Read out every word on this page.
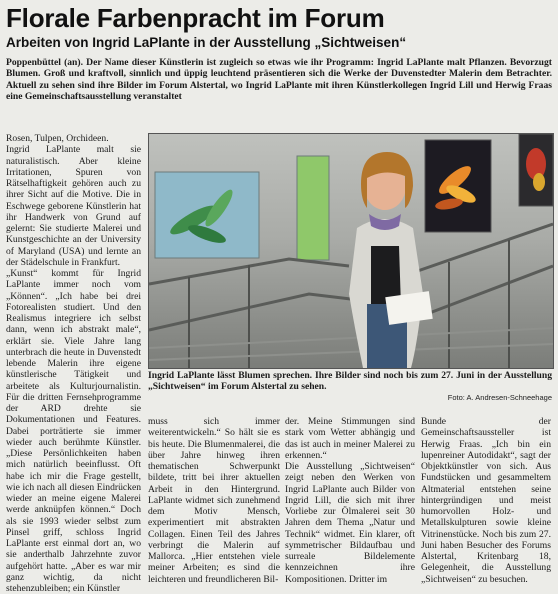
Florale Farbenpracht im Forum
Arbeiten von Ingrid LaPlante in der Ausstellung „Sichtweisen“

Poppenbüttel (an). Der Name dieser Künstlerin ist zugleich so etwas wie ihr Programm: Ingrid LaPlante malt Pflanzen. Bevorzugt Blumen. Groß und kraftvoll, sinnlich und üppig leuchtend präsentieren sich die Werke der Duvenstedter Malerin dem Betrachter. Aktuell zu sehen sind ihre Bilder im Forum Alstertal, wo Ingrid LaPlante mit ihren Künstlerkollegen Ingrid Lill und Herwig Fraas eine Gemeinschaftsausstellung veranstaltet

Rosen, Tulpen, Orchideen.
Ingrid LaPlante malt sie naturalistisch. Aber kleine Irritationen, Spuren von Rätselhaftigkeit gehören auch zu ihrer Sicht auf die Motive. Die in Eschwege geborene Künstlerin hat ihr Handwerk von Grund auf gelernt: Sie studierte Malerei und Kunstgeschichte an der University of Maryland (USA) und lernte an der Städelschule in Frankfurt.
„Kunst“ kommt für Ingrid LaPlante immer noch vom „Können“. „Ich habe bei drei Fotorealisten studiert. Und den Realismus integriere ich selbst dann, wenn ich abstrakt male“, erklärt sie. Viele Jahre lang unterbrach die heute in Duvenstedt lebende Malerin ihre eigene künstlerische Tätigkeit und arbeitete als Kulturjournalistin. Für die dritten Fernsehprogramme der ARD drehte sie Dokumentationen und Features. Dabei porträtierte sie immer wieder auch berühmte Künstler. „Diese Persönlichkeiten haben mich natürlich beeinflusst. Oft habe ich mir die Frage gestellt, wie ich nach all diesen Eindrücken wieder an meine eigene Malerei werde anknüpfen können.“ Doch als sie 1993 wieder selbst zum Pinsel griff, schloss Ingrid LaPlante erst einmal dort an, wo sie anderthalb Jahrzehnte zuvor aufgehört hatte. „Aber es war mir ganz wichtig, da nicht stehenzubleiben; ein Künstler

Ingrid LaPlante lässt Blumen sprechen. Ihre Bilder sind noch bis zum 27. Juni in der Ausstellung „Sichtweisen“ im Forum Alstertal zu sehen.

Foto: A. Andresen-Schneehage

muss sich immer weiterentwickeln.“ So hält sie es bis heute. Die Blumenmalerei, die über Jahre hinweg ihren thematischen Schwerpunkt bildete, tritt bei ihrer aktuellen Arbeit in den Hintergrund. LaPlante widmet sich zunehmend dem Motiv Mensch, experimentiert mit abstrakten Collagen. Einen Teil des Jahres verbringt die Malerin auf Mallorca. „Hier entstehen viele meiner Arbeiten; es sind die leichteren und freundlicheren Bil-

der. Meine Stimmungen sind stark vom Wetter abhängig und das ist auch in meiner Malerei zu erkennen.“
Die Ausstellung „Sichtweisen“ zeigt neben den Werken von Ingrid LaPlante auch Bilder von Ingrid Lill, die sich mit ihrer Vorliebe zur Ölmalerei seit 30 Jahren dem Thema „Natur und Technik“ widmet. Ein klarer, oft symmetrischer Bildaufbau und surreale Bildelemente kennzeichnen ihre Kompositionen. Dritter im

Bunde der Gemeinschaftsaussteller ist Herwig Fraas. „Ich bin ein lupenreiner Autodidakt“, sagt der Objektkünstler von sich. Aus Fundstücken und gesammeltem Altmaterial entstehen seine hintergründigen und meist humorvollen Holz- und Metallskulpturen sowie kleine Vitrinenstücke. Noch bis zum 27. Juni haben Besucher des Forums Alstertal, Kritenbarg 18, Gelegenheit, die Ausstellung „Sichtweisen“ zu besuchen.
